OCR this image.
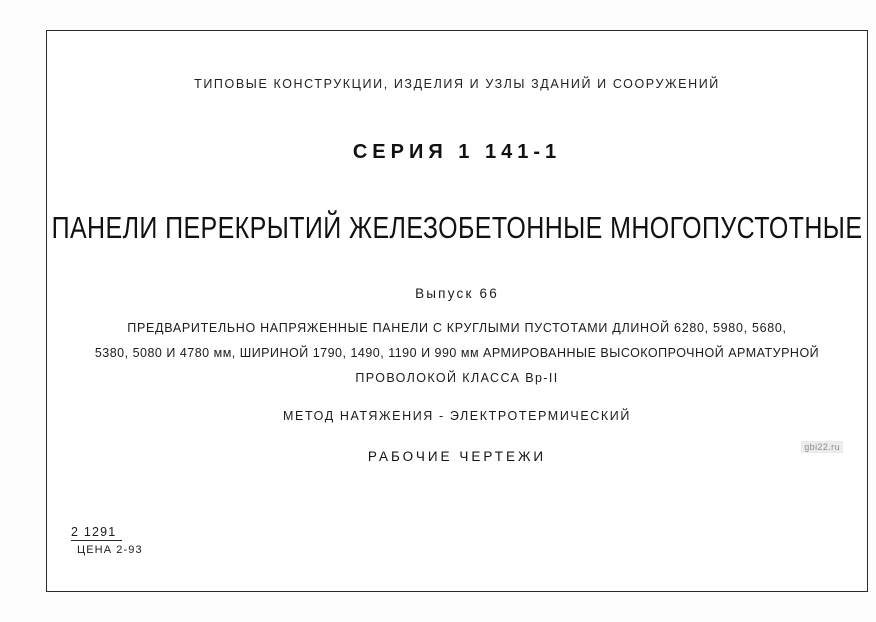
ТИПОВЫЕ КОНСТРУКЦИИ, ИЗДЕЛИЯ И УЗЛЫ ЗДАНИЙ И СООРУЖЕНИЙ
СЕРИЯ 1 141-1
ПАНЕЛИ ПЕРЕКРЫТИЙ ЖЕЛЕЗОБЕТОННЫЕ МНОГОПУСТОТНЫЕ
Выпуск 66
ПРЕДВАРИТЕЛЬНО НАПРЯЖЕННЫЕ ПАНЕЛИ С КРУГЛЫМИ ПУСТОТАМИ ДЛИНОЙ 6280, 5980, 5680,
5380, 5080 И 4780 мм, ШИРИНОЙ 1790, 1490, 1190 И 990 мм АРМИРОВАННЫЕ ВЫСОКОПРОЧНОЙ АРМАТУРНОЙ
ПРОВОЛОКОЙ КЛАССА Вр-II
МЕТОД НАТЯЖЕНИЯ - ЭЛЕКТРОТЕРМИЧЕСКИЙ
РАБОЧИЕ ЧЕРТЕЖИ
gbi22.ru
2 1291
ЦЕНА 2-93
